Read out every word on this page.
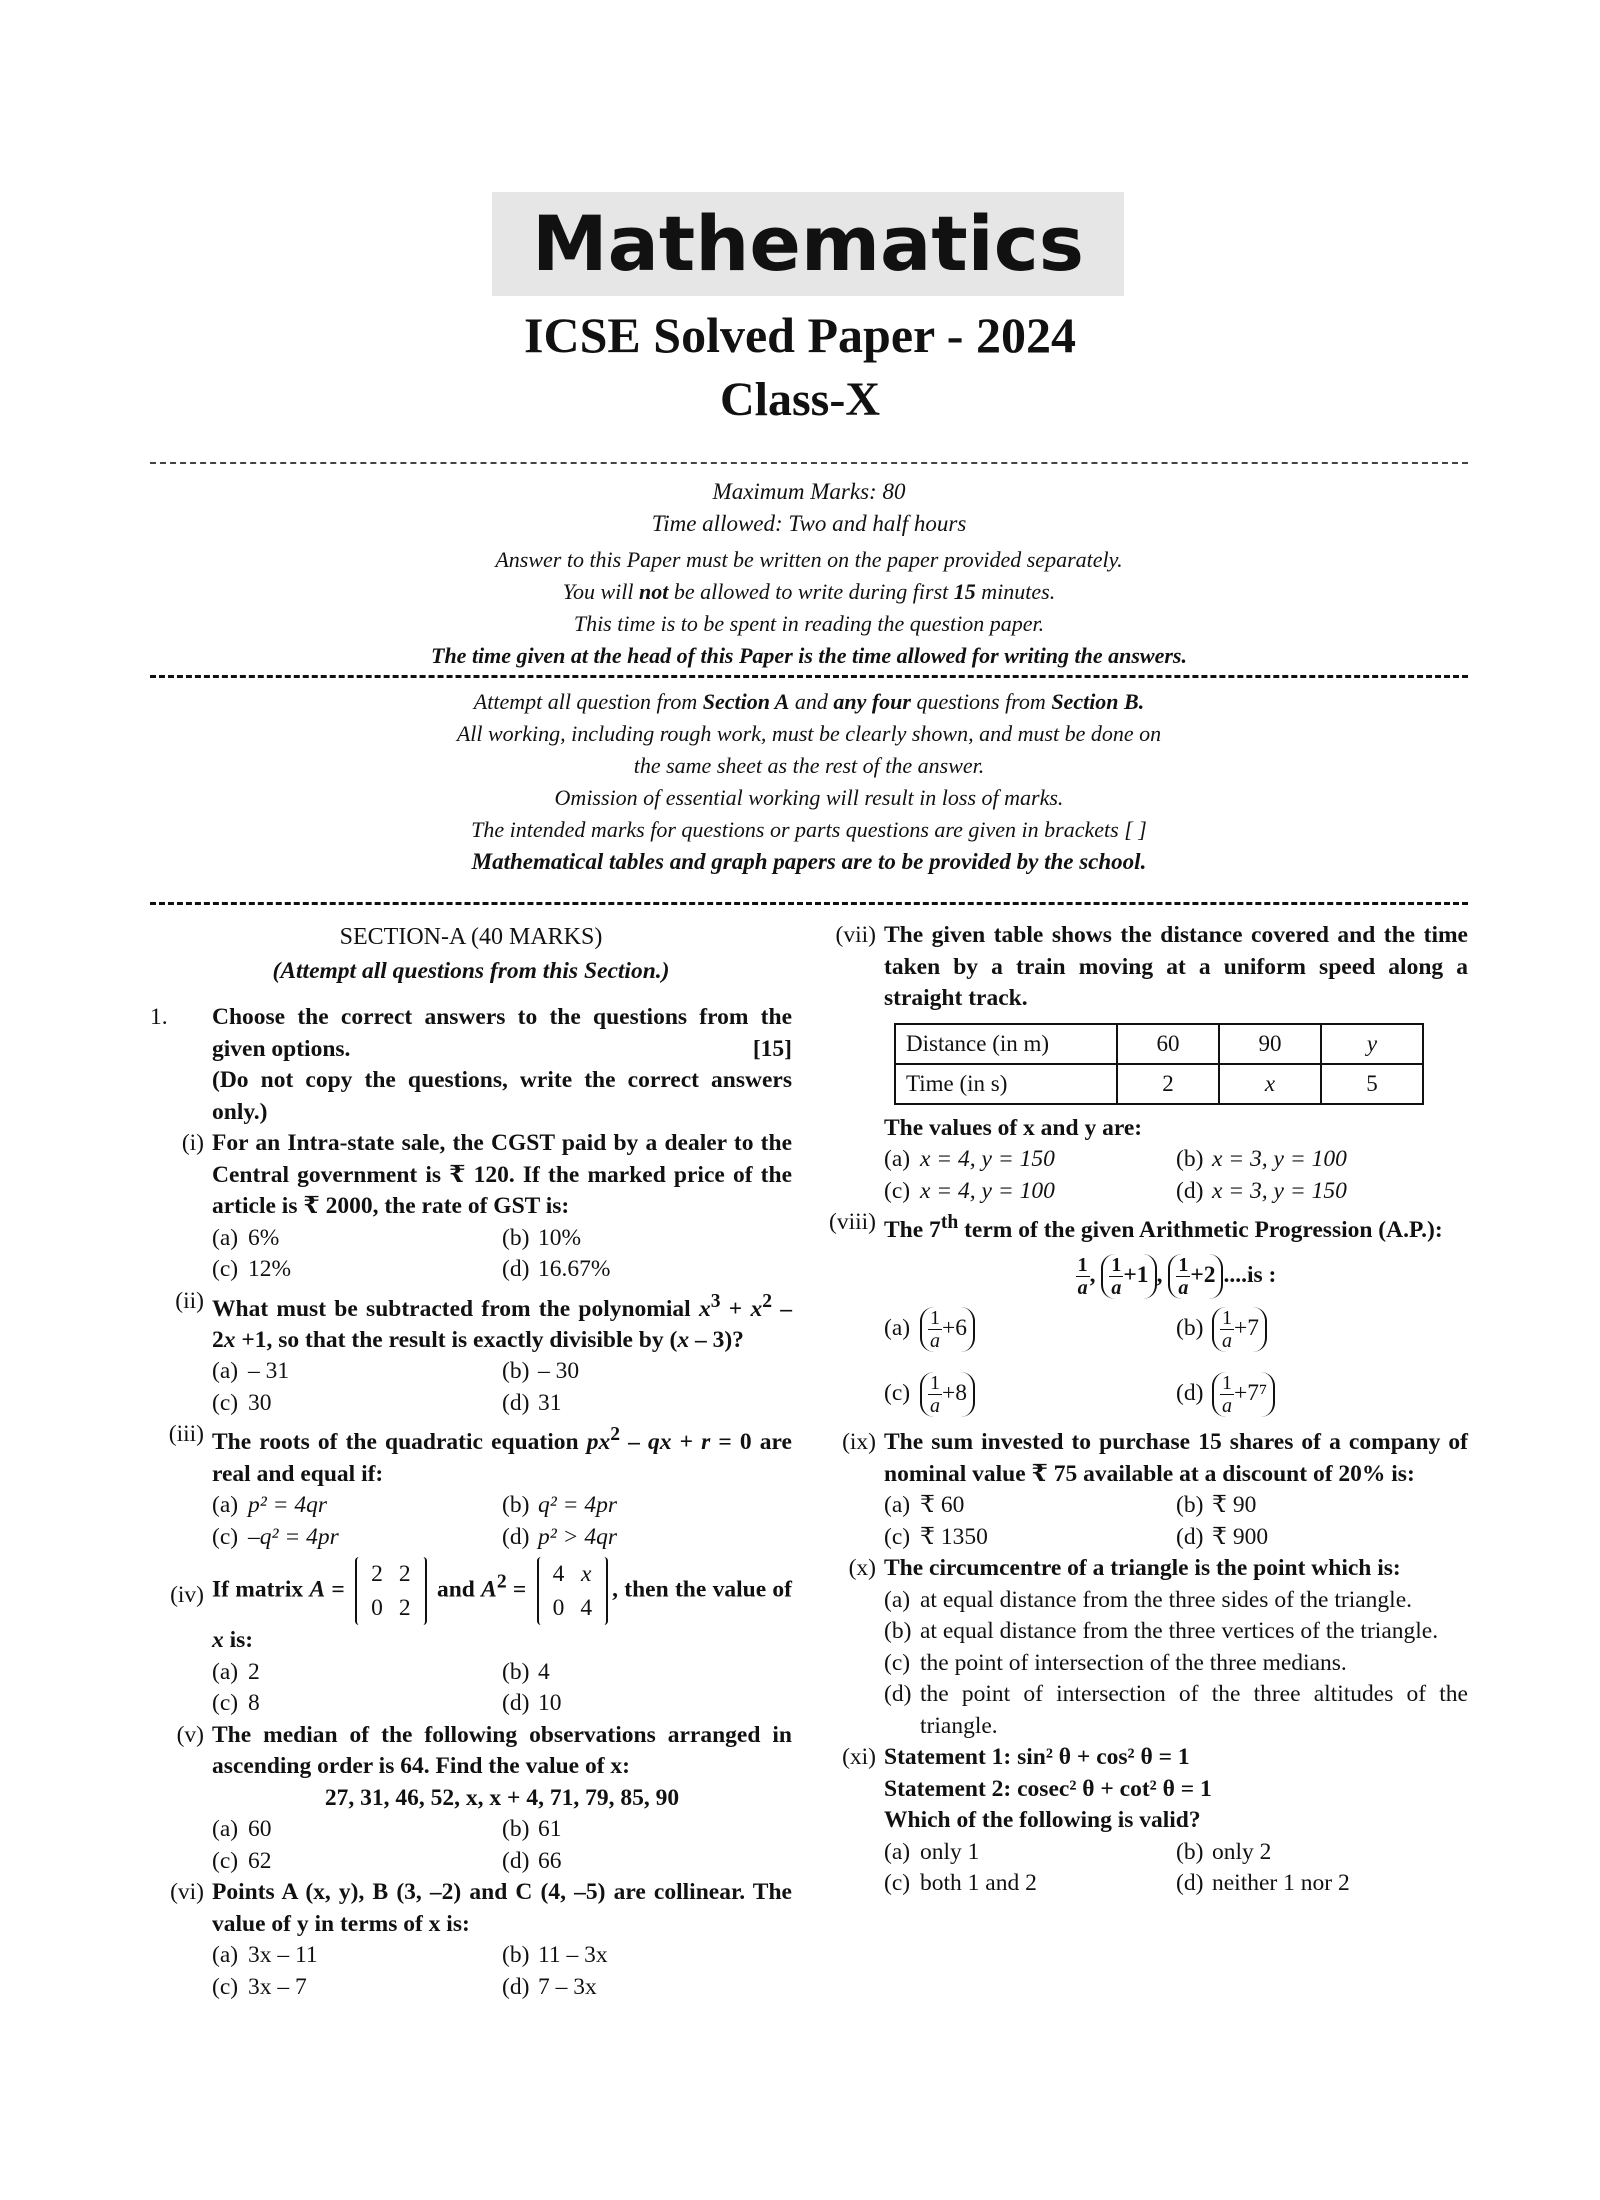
Mathematics
ICSE Solved Paper - 2024
Class-X
Maximum Marks: 80
Time allowed: Two and half hours
Answer to this Paper must be written on the paper provided separately.
You will not be allowed to write during first 15 minutes.
This time is to be spent in reading the question paper.
The time given at the head of this Paper is the time allowed for writing the answers.
Attempt all question from Section A and any four questions from Section B.
All working, including rough work, must be clearly shown, and must be done on
the same sheet as the rest of the answer.
Omission of essential working will result in loss of marks.
The intended marks for questions or parts questions are given in brackets [ ]
Mathematical tables and graph papers are to be provided by the school.
SECTION-A (40 MARKS)
(Attempt all questions from this Section.)
1.	Choose the correct answers to the questions from the given options.	[15]
(Do not copy the questions, write the correct answers only.)
(i) For an Intra-state sale, the CGST paid by a dealer to the Central government is ₹ 120. If the marked price of the article is ₹ 2000, the rate of GST is:
(a) 6%	(b) 10%
(c) 12%	(d) 16.67%
(ii) What must be subtracted from the polynomial $x^3 + x^2 - 2x +1$, so that the result is exactly divisible by (x – 3)?
(a) – 31	(b) – 30
(c) 30	(d) 31
(iii) The roots of the quadratic equation $px^2$ – qx + r = 0 are real and equal if:
(a) p² = 4qr	(b) q² = 4pr
(c) –q² = 4pr	(d) p² > 4qr
(iv) If matrix A =
2	2
0	2
and $A^2$ =
4	x
0	4
, then the value of x is:
(a) 2	(b) 4
(c) 8	(d) 10
(v) The median of the following observations arranged in ascending order is 64. Find the value of x:
27, 31, 46, 52, x, x + 4, 71, 79, 85, 90
(a) 60	(b) 61
(c) 62	(d) 66
(vi) Points A (x, y), B (3, –2) and C (4, –5) are collinear. The value of y in terms of x is:
(a) 3x – 11	(b) 11 – 3x
(c) 3x – 7	(d) 7 – 3x
(vii) The given table shows the distance covered and the time taken by a train moving at a uniform speed along a straight track.
Distance (in m)	60	90	y
Time (in s)	2	x	5
The values of x and y are:
(a) x = 4, y = 150	(b) x = 3, y = 100
(c) x = 4, y = 100	(d) x = 3, y = 150
(viii) The 7th term of the given Arithmetic Progression (A.P.):
$\frac{1}{a}$ , $\frac{1}{a} +1$ , $\frac{1}{a} +2$ ....is :
$(a) \frac{1}{a} +6$	$(b) \frac{1}{a} +7$
$(c) \frac{1}{a} +8$	$(d) \frac{1}{a} +7^7$
(ix) The sum invested to purchase 15 shares of a company of nominal value ₹ 75 available at a discount of 20% is:
(a) ₹ 60	(b) ₹ 90
(c) ₹ 1350	(d) ₹ 900
(x) The circumcentre of a triangle is the point which is:
(a) at equal distance from the three sides of the triangle.
(b) at equal distance from the three vertices of the triangle.
(c) the point of intersection of the three medians.
(d) the point of intersection of the three altitudes of the triangle.
(xi) Statement 1: sin² θ + cos² θ = 1
Statement 2: cosec² θ + cot² θ = 1
Which of the following is valid?
(a) only 1	(b) only 2
(c) both 1 and 2	(d) neither 1 nor 2
